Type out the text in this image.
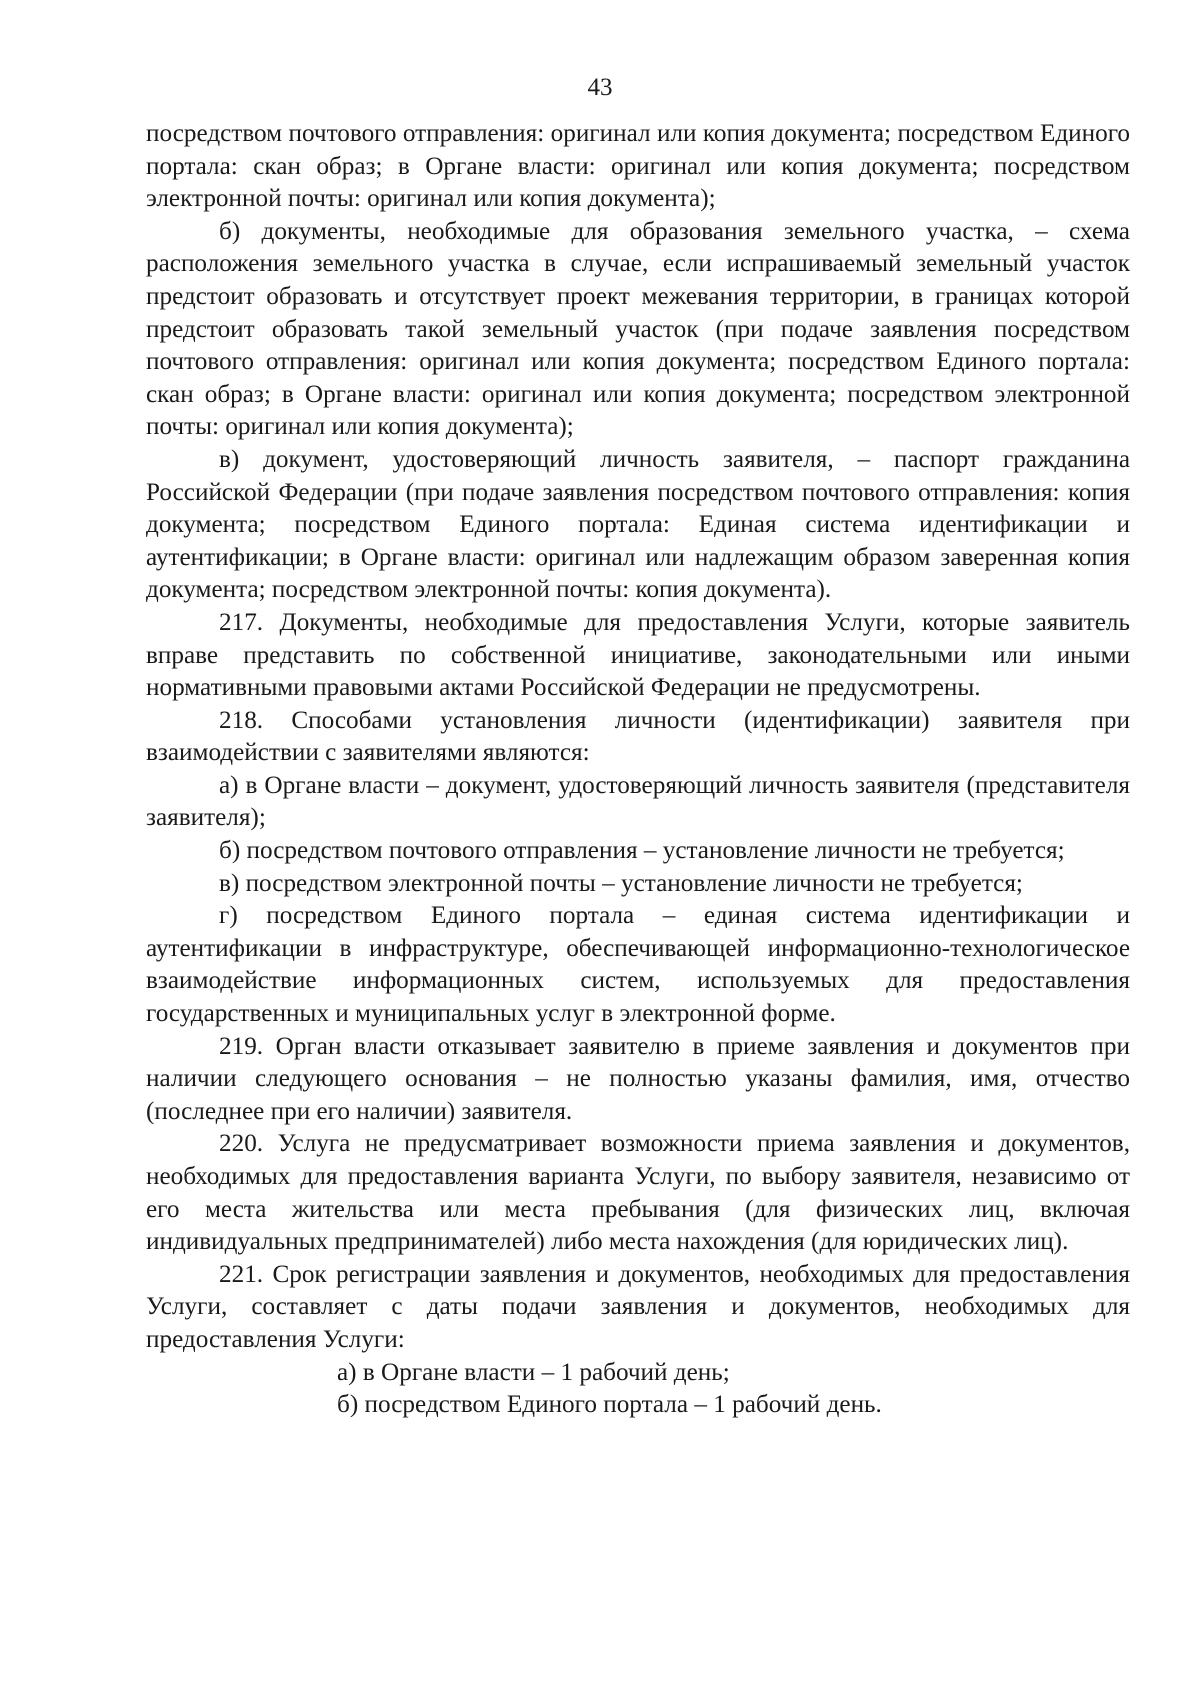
43

посредством почтового отправления: оригинал или копия документа; посредством Единого портала: скан образ; в Органе власти: оригинал или копия документа; посредством электронной почты: оригинал или копия документа);

б) документы, необходимые для образования земельного участка, – схема расположения земельного участка в случае, если испрашиваемый земельный участок предстоит образовать и отсутствует проект межевания территории, в границах которой предстоит образовать такой земельный участок (при подаче заявления посредством почтового отправления: оригинал или копия документа; посредством Единого портала: скан образ; в Органе власти: оригинал или копия документа; посредством электронной почты: оригинал или копия документа);

в) документ, удостоверяющий личность заявителя, – паспорт гражданина Российской Федерации (при подаче заявления посредством почтового отправления: копия документа; посредством Единого портала: Единая система идентификации и аутентификации; в Органе власти: оригинал или надлежащим образом заверенная копия документа; посредством электронной почты: копия документа).

217. Документы, необходимые для предоставления Услуги, которые заявитель вправе представить по собственной инициативе, законодательными или иными нормативными правовыми актами Российской Федерации не предусмотрены.

218. Способами установления личности (идентификации) заявителя при взаимодействии с заявителями являются:

а) в Органе власти – документ, удостоверяющий личность заявителя (представителя заявителя);

б) посредством почтового отправления – установление личности не требуется;

в) посредством электронной почты – установление личности не требуется;

г) посредством Единого портала – единая система идентификации и аутентификации в инфраструктуре, обеспечивающей информационно-технологическое взаимодействие информационных систем, используемых для предоставления государственных и муниципальных услуг в электронной форме.

219. Орган власти отказывает заявителю в приеме заявления и документов при наличии следующего основания – не полностью указаны фамилия, имя, отчество (последнее при его наличии) заявителя.

220. Услуга не предусматривает возможности приема заявления и документов, необходимых для предоставления варианта Услуги, по выбору заявителя, независимо от его места жительства или места пребывания (для физических лиц, включая индивидуальных предпринимателей) либо места нахождения (для юридических лиц).

221. Срок регистрации заявления и документов, необходимых для предоставления Услуги, составляет с даты подачи заявления и документов, необходимых для предоставления Услуги:

а) в Органе власти – 1 рабочий день;

б) посредством Единого портала – 1 рабочий день.
